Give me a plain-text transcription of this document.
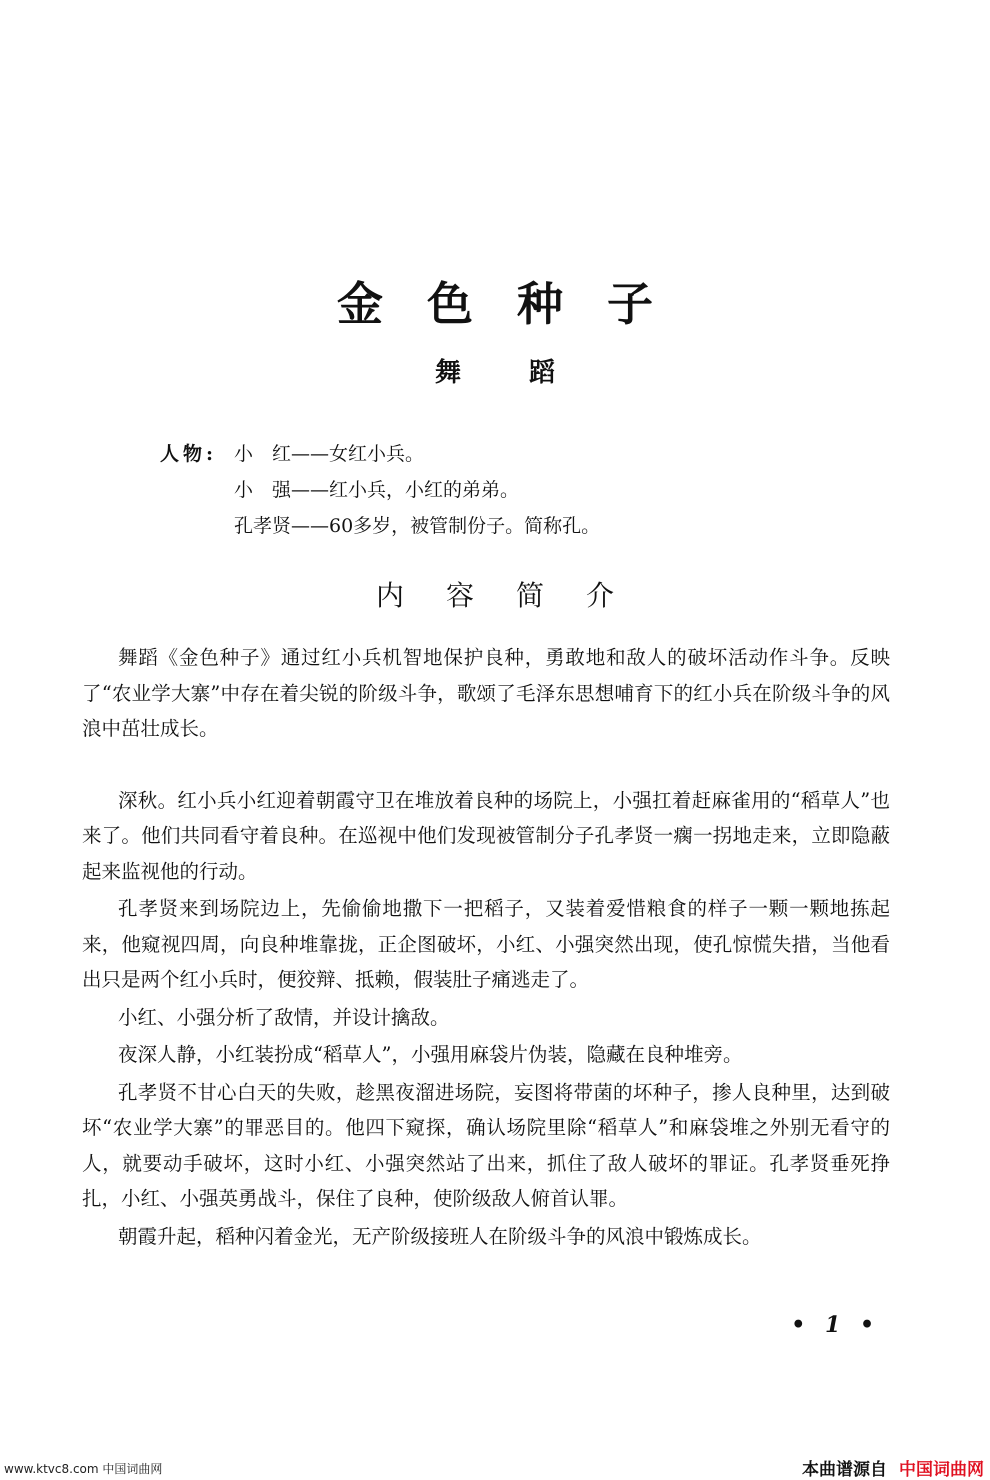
金色种子
舞蹈
人物: 小　红——女红小兵。
小　强——红小兵，小红的弟弟。
孔孝贤——60多岁，被管制份子。简称孔。
内容简介

舞蹈《金色种子》通过红小兵机智地保护良种，勇敢地和敌人的破坏活动作斗争。反映了“农业学大寨”中存在着尖锐的阶级斗争，歌颂了毛泽东思想哺育下的红小兵在阶级斗争的风浪中茁壮成长。

深秋。红小兵小红迎着朝霞守卫在堆放着良种的场院上，小强扛着赶麻雀用的“稻草人”也来了。他们共同看守着良种。在巡视中他们发现被管制分子孔孝贤一瘸一拐地走来，立即隐蔽起来监视他的行动。

孔孝贤来到场院边上，先偷偷地撒下一把稻子，又装着爱惜粮食的样子一颗一颗地拣起来，他窥视四周，向良种堆靠拢，正企图破坏，小红、小强突然出现，使孔惊慌失措，当他看出只是两个红小兵时，便狡辩、抵赖，假装肚子痛逃走了。

小红、小强分析了敌情，并设计擒敌。

夜深人静，小红装扮成“稻草人”，小强用麻袋片伪装，隐藏在良种堆旁。

孔孝贤不甘心白天的失败，趁黑夜溜进场院，妄图将带菌的坏种子，掺人良种里，达到破坏“农业学大寨”的罪恶目的。他四下窥探，确认场院里除“稻草人”和麻袋堆之外别无看守的人，就要动手破坏，这时小红、小强突然站了出来，抓住了敌人破坏的罪证。孔孝贤垂死挣扎，小红、小强英勇战斗，保住了良种，使阶级敌人俯首认罪。

朝霞升起，稻种闪着金光，无产阶级接班人在阶级斗争的风浪中锻炼成长。

• 1 •
www.ktvc8.com 中国词曲网	本曲谱源自 中国词曲网
